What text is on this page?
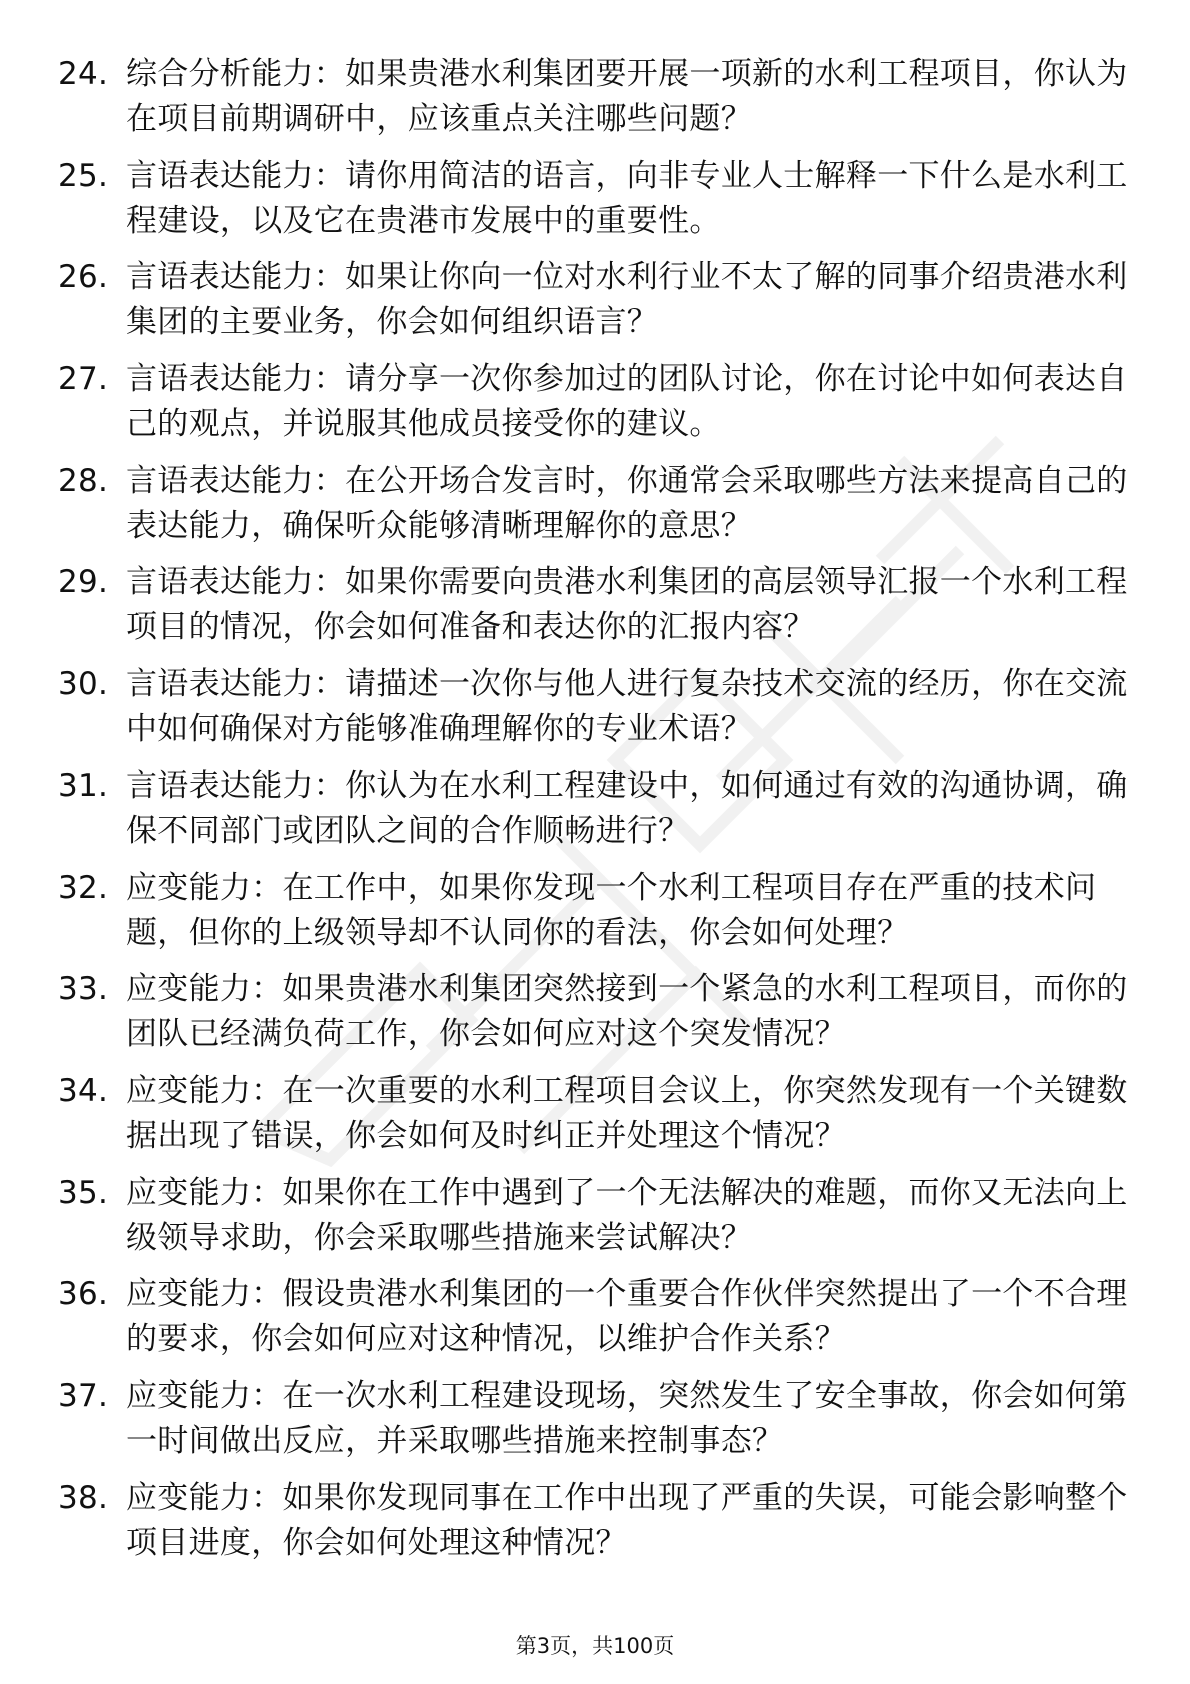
24. 综合分析能力：如果贵港水利集团要开展一项新的水利工程项目，你认为在项目前期调研中，应该重点关注哪些问题？
25. 言语表达能力：请你用简洁的语言，向非专业人士解释一下什么是水利工程建设，以及它在贵港市发展中的重要性。
26. 言语表达能力：如果让你向一位对水利行业不太了解的同事介绍贵港水利集团的主要业务，你会如何组织语言？
27. 言语表达能力：请分享一次你参加过的团队讨论，你在讨论中如何表达自己的观点，并说服其他成员接受你的建议。
28. 言语表达能力：在公开场合发言时，你通常会采取哪些方法来提高自己的表达能力，确保听众能够清晰理解你的意思？
29. 言语表达能力：如果你需要向贵港水利集团的高层领导汇报一个水利工程项目的情况，你会如何准备和表达你的汇报内容？
30. 言语表达能力：请描述一次你与他人进行复杂技术交流的经历，你在交流中如何确保对方能够准确理解你的专业术语？
31. 言语表达能力：你认为在水利工程建设中，如何通过有效的沟通协调，确保不同部门或团队之间的合作顺畅进行？
32. 应变能力：在工作中，如果你发现一个水利工程项目存在严重的技术问题，但你的上级领导却不认同你的看法，你会如何处理？
33. 应变能力：如果贵港水利集团突然接到一个紧急的水利工程项目，而你的团队已经满负荷工作，你会如何应对这个突发情况？
34. 应变能力：在一次重要的水利工程项目会议上，你突然发现有一个关键数据出现了错误，你会如何及时纠正并处理这个情况？
35. 应变能力：如果你在工作中遇到了一个无法解决的难题，而你又无法向上级领导求助，你会采取哪些措施来尝试解决？
36. 应变能力：假设贵港水利集团的一个重要合作伙伴突然提出了一个不合理的要求，你会如何应对这种情况，以维护合作关系？
37. 应变能力：在一次水利工程建设现场，突然发生了安全事故，你会如何第一时间做出反应，并采取哪些措施来控制事态？
38. 应变能力：如果你发现同事在工作中出现了严重的失误，可能会影响整个项目进度，你会如何处理这种情况？
第3页，共100页
